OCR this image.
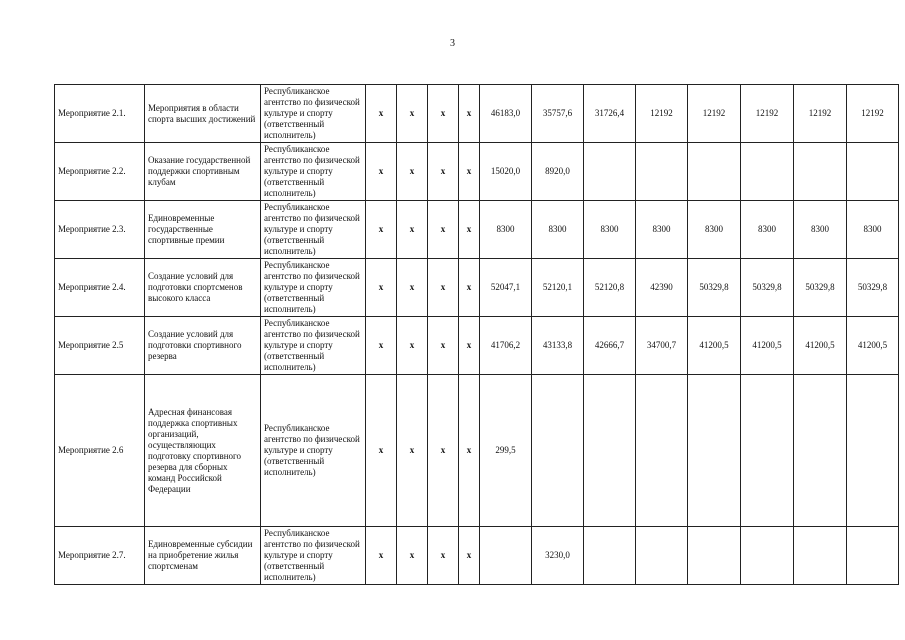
3
Мероприятие 2.1.	Мероприятия в области спорта высших достижений	Республиканское агентство по физической культуре и спорту (ответственный исполнитель)	x	x	x	x	46183,0	35757,6	31726,4	12192	12192	12192	12192	12192
Мероприятие 2.2.	Оказание государственной поддержки спортивным клубам	Республиканское агентство по физической культуре и спорту (ответственный исполнитель)	x	x	x	x	15020,0	8920,0						
Мероприятие 2.3.	Единовременные государственные спортивные премии	Республиканское агентство по физической культуре и спорту (ответственный исполнитель)	x	x	x	x	8300	8300	8300	8300	8300	8300	8300	8300
Мероприятие 2.4.	Создание условий для подготовки спортсменов высокого класса	Республиканское агентство по физической культуре и спорту (ответственный исполнитель)	x	x	x	x	52047,1	52120,1	52120,8	42390	50329,8	50329,8	50329,8	50329,8
Мероприятие 2.5	Создание условий для подготовки спортивного резерва	Республиканское агентство по физической культуре и спорту (ответственный исполнитель)	x	x	x	x	41706,2	43133,8	42666,7	34700,7	41200,5	41200,5	41200,5	41200,5
Мероприятие 2.6	Адресная финансовая поддержка спортивных организаций, осуществляющих подготовку спортивного резерва для сборных команд Российской Федерации	Республиканское агентство по физической культуре и спорту (ответственный исполнитель)	x	x	x	x	299,5							
Мероприятие 2.7.	Единовременные субсидии на приобретение жилья спортсменам	Республиканское агентство по физической культуре и спорту (ответственный исполнитель)	x	x	x	x		3230,0						
